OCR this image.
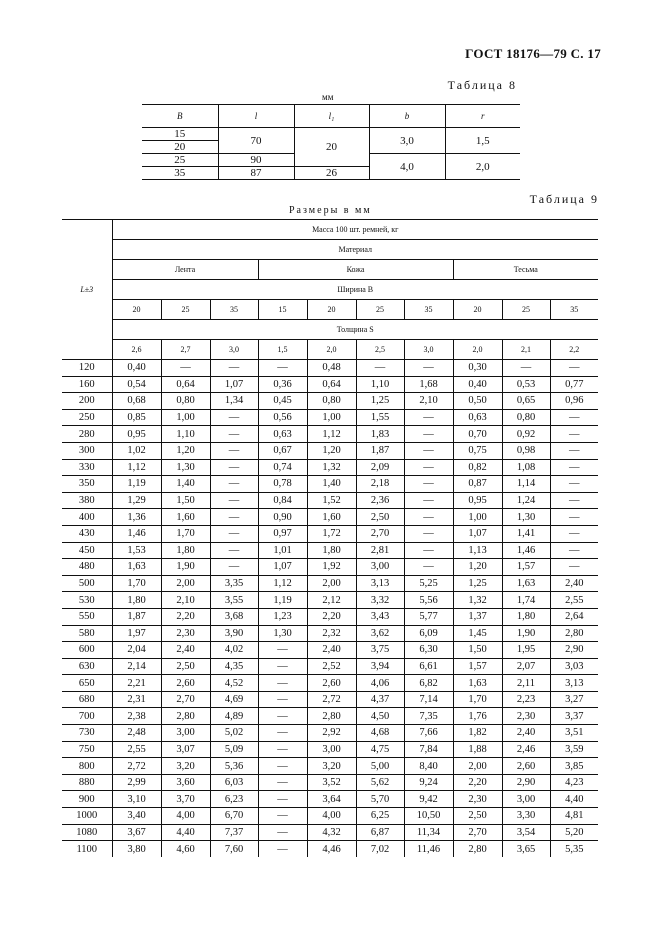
ГОСТ 18176—79 С. 17
Таблица 8
мм
B	l	l₁	b	r
15	70	20	3,0	1,5
20				
25	90		4,0	2,0
35	87	26		
Таблица 9
Размеры в мм
L±3	Масса 100 шт. ремней, кг									
	Материал									
	Лента			Кожа				Тесьма		
	Ширина B									
	20	25	35	15	20	25	35	20	25	35
	Толщина S									
	2,6	2,7	3,0	1,5	2,0	2,5	3,0	2,0	2,1	2,2
120	0,40	—	—	—	0,48	—	—	0,30	—	—
160	0,54	0,64	1,07	0,36	0,64	1,10	1,68	0,40	0,53	0,77
200	0,68	0,80	1,34	0,45	0,80	1,25	2,10	0,50	0,65	0,96
250	0,85	1,00	—	0,56	1,00	1,55	—	0,63	0,80	—
280	0,95	1,10	—	0,63	1,12	1,83	—	0,70	0,92	—
300	1,02	1,20	—	0,67	1,20	1,87	—	0,75	0,98	—
330	1,12	1,30	—	0,74	1,32	2,09	—	0,82	1,08	—
350	1,19	1,40	—	0,78	1,40	2,18	—	0,87	1,14	—
380	1,29	1,50	—	0,84	1,52	2,36	—	0,95	1,24	—
400	1,36	1,60	—	0,90	1,60	2,50	—	1,00	1,30	—
430	1,46	1,70	—	0,97	1,72	2,70	—	1,07	1,41	—
450	1,53	1,80	—	1,01	1,80	2,81	—	1,13	1,46	—
480	1,63	1,90	—	1,07	1,92	3,00	—	1,20	1,57	—
500	1,70	2,00	3,35	1,12	2,00	3,13	5,25	1,25	1,63	2,40
530	1,80	2,10	3,55	1,19	2,12	3,32	5,56	1,32	1,74	2,55
550	1,87	2,20	3,68	1,23	2,20	3,43	5,77	1,37	1,80	2,64
580	1,97	2,30	3,90	1,30	2,32	3,62	6,09	1,45	1,90	2,80
600	2,04	2,40	4,02	—	2,40	3,75	6,30	1,50	1,95	2,90
630	2,14	2,50	4,35	—	2,52	3,94	6,61	1,57	2,07	3,03
650	2,21	2,60	4,52	—	2,60	4,06	6,82	1,63	2,11	3,13
680	2,31	2,70	4,69	—	2,72	4,37	7,14	1,70	2,23	3,27
700	2,38	2,80	4,89	—	2,80	4,50	7,35	1,76	2,30	3,37
730	2,48	3,00	5,02	—	2,92	4,68	7,66	1,82	2,40	3,51
750	2,55	3,07	5,09	—	3,00	4,75	7,84	1,88	2,46	3,59
800	2,72	3,20	5,36	—	3,20	5,00	8,40	2,00	2,60	3,85
880	2,99	3,60	6,03	—	3,52	5,62	9,24	2,20	2,90	4,23
900	3,10	3,70	6,23	—	3,64	5,70	9,42	2,30	3,00	4,40
1000	3,40	4,00	6,70	—	4,00	6,25	10,50	2,50	3,30	4,81
1080	3,67	4,40	7,37	—	4,32	6,87	11,34	2,70	3,54	5,20
1100	3,80	4,60	7,60	—	4,46	7,02	11,46	2,80	3,65	5,35
